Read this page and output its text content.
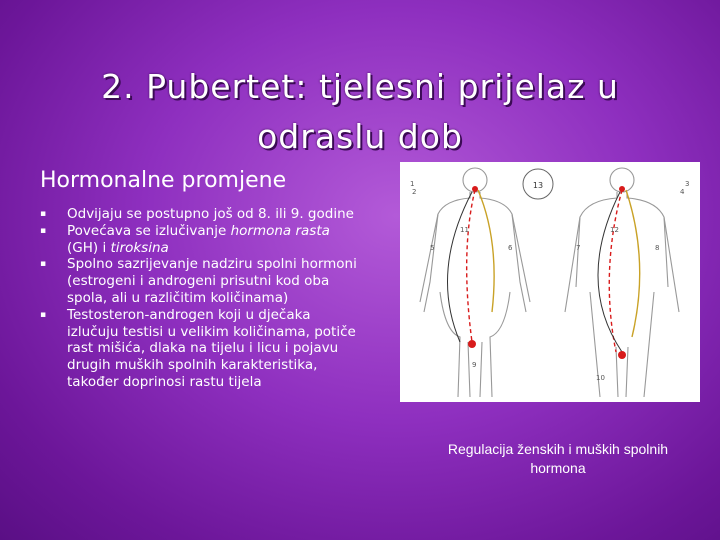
2. Pubertet: tjelesni prijelaz u
odraslu dob
Hormonalne promjene
▪ Odvijaju se postupno još od 8. ili 9. godine
▪ Povećava se izlučivanje hormona rasta (GH) i tiroksina
▪ Spolno sazrijevanje nadziru spolni hormoni (estrogeni i androgeni prisutni kod oba spola, ali u različitim količinama)
▪ Testosteron-androgen koji u dječaka izlučuju testisi u velikim količinama, potiče rast mišića, dlaka na tijelu i licu i pojavu drugih muških spolnih karakteristika, također doprinosi rastu tijela
13
1
2
3
4
5	6	7	8
9
10
11	12
Regulacija ženskih i muških spolnih
hormona
